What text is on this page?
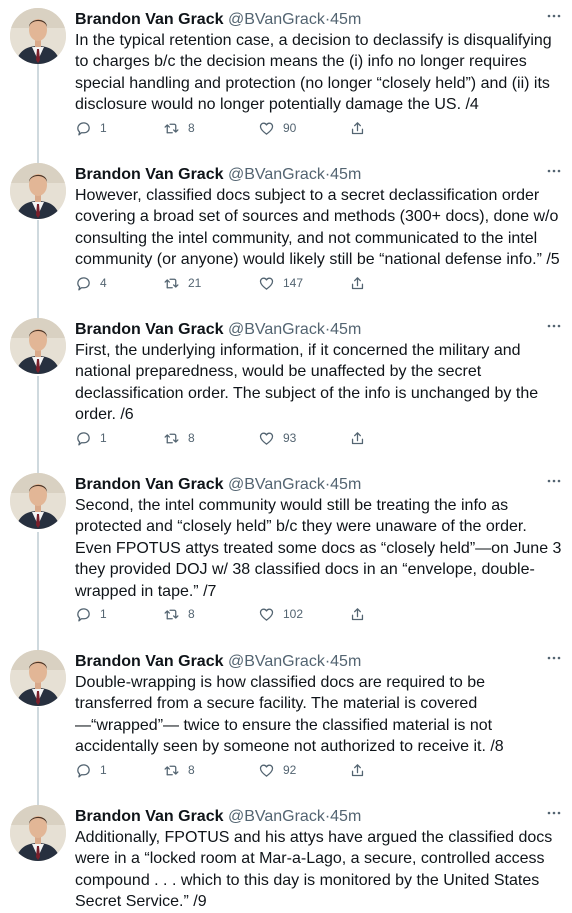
Brandon Van Grack @BVanGrack·45m
In the typical retention case, a decision to declassify is disqualifying to charges b/c the decision means the (i) info no longer requires special handling and protection (no longer “closely held”) and (ii) its disclosure would no longer potentially damage the US. /4
1	8	90
Brandon Van Grack @BVanGrack·45m
However, classified docs subject to a secret declassification order covering a broad set of sources and methods (300+ docs), done w/o consulting the intel community, and not communicated to the intel community (or anyone) would likely still be “national defense info.” /5
4	21	147
Brandon Van Grack @BVanGrack·45m
First, the underlying information, if it concerned the military and national preparedness, would be unaffected by the secret declassification order. The subject of the info is unchanged by the order. /6
1	8	93
Brandon Van Grack @BVanGrack·45m
Second, the intel community would still be treating the info as protected and “closely held” b/c they were unaware of the order. Even FPOTUS attys treated some docs as “closely held”—on June 3 they provided DOJ w/ 38 classified docs in an “envelope, double-wrapped in tape.” /7
1	8	102
Brandon Van Grack @BVanGrack·45m
Double-wrapping is how classified docs are required to be transferred from a secure facility. The material is covered—“wrapped”— twice to ensure the classified material is not accidentally seen by someone not authorized to receive it. /8
1	8	92
Brandon Van Grack @BVanGrack·45m
Additionally, FPOTUS and his attys have argued the classified docs were in a “locked room at Mar-a-Lago, a secure, controlled access compound . . . which to this day is monitored by the United States Secret Service.” /9
